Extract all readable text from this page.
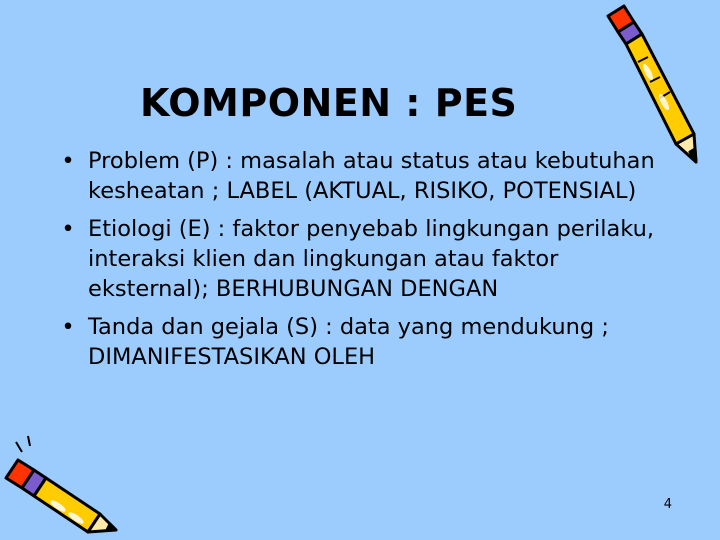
KOMPONEN : PES
• Problem (P) : masalah atau status atau kebutuhan kesheatan ; LABEL (AKTUAL, RISIKO, POTENSIAL)
• Etiologi (E) : faktor penyebab lingkungan perilaku, interaksi klien dan lingkungan atau faktor eksternal); BERHUBUNGAN DENGAN
• Tanda dan gejala (S) : data yang mendukung ; DIMANIFESTASIKAN OLEH
4
